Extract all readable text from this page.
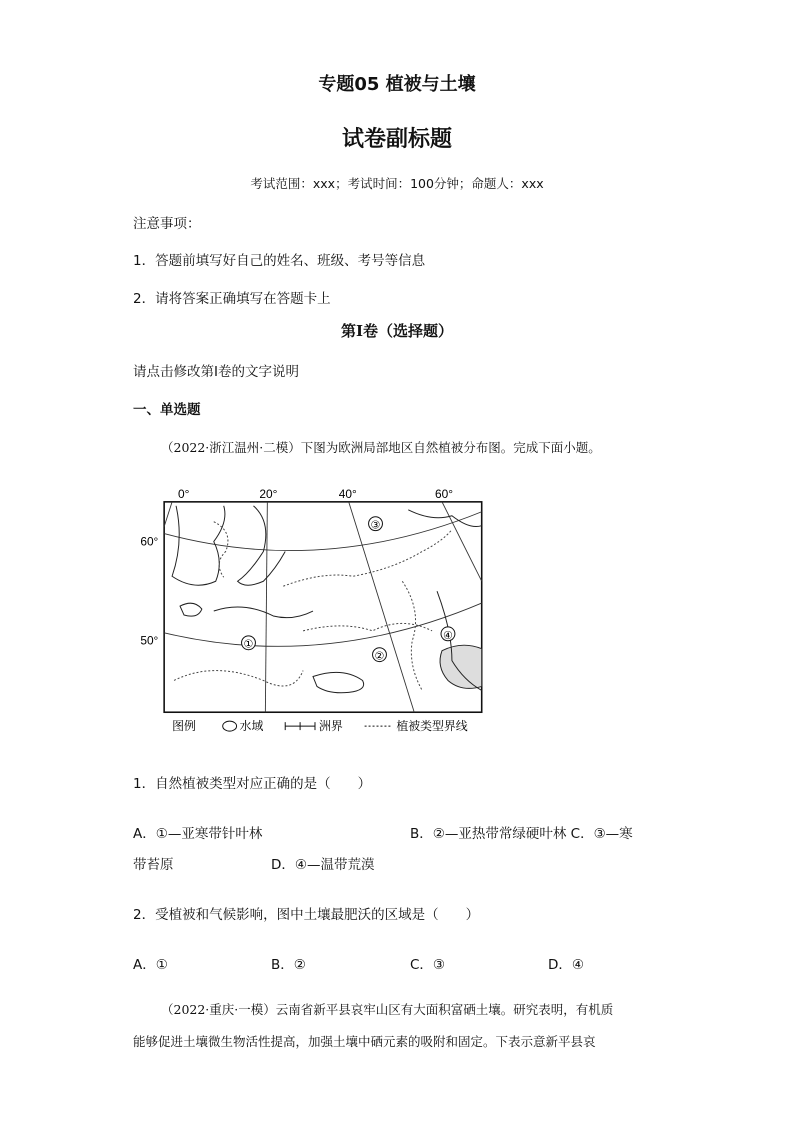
专题05 植被与土壤
试卷副标题
考试范围：xxx；考试时间：100分钟；命题人：xxx
注意事项：
1．答题前填写好自己的姓名、班级、考号等信息
2．请将答案正确填写在答题卡上
第I卷（选择题）
请点击修改第I卷的文字说明
一、单选题
（2022·浙江温州·二模）下图为欧洲局部地区自然植被分布图。完成下面小题。
0°	20°	40°	60°
60°
50°
③
①
②
④
图例	水域	洲界	植被类型界线
1．自然植被类型对应正确的是（　　）
A．①—亚寒带针叶林	B．②—亚热带常绿硬叶林 C．③—寒
带苔原	D．④—温带荒漠
2．受植被和气候影响，图中土壤最肥沃的区域是（　　）
A．①	B．②	C．③	D．④
（2022·重庆·一模）云南省新平县哀牢山区有大面积富硒土壤。研究表明，有机质
能够促进土壤微生物活性提高，加强土壤中硒元素的吸附和固定。下表示意新平县哀
